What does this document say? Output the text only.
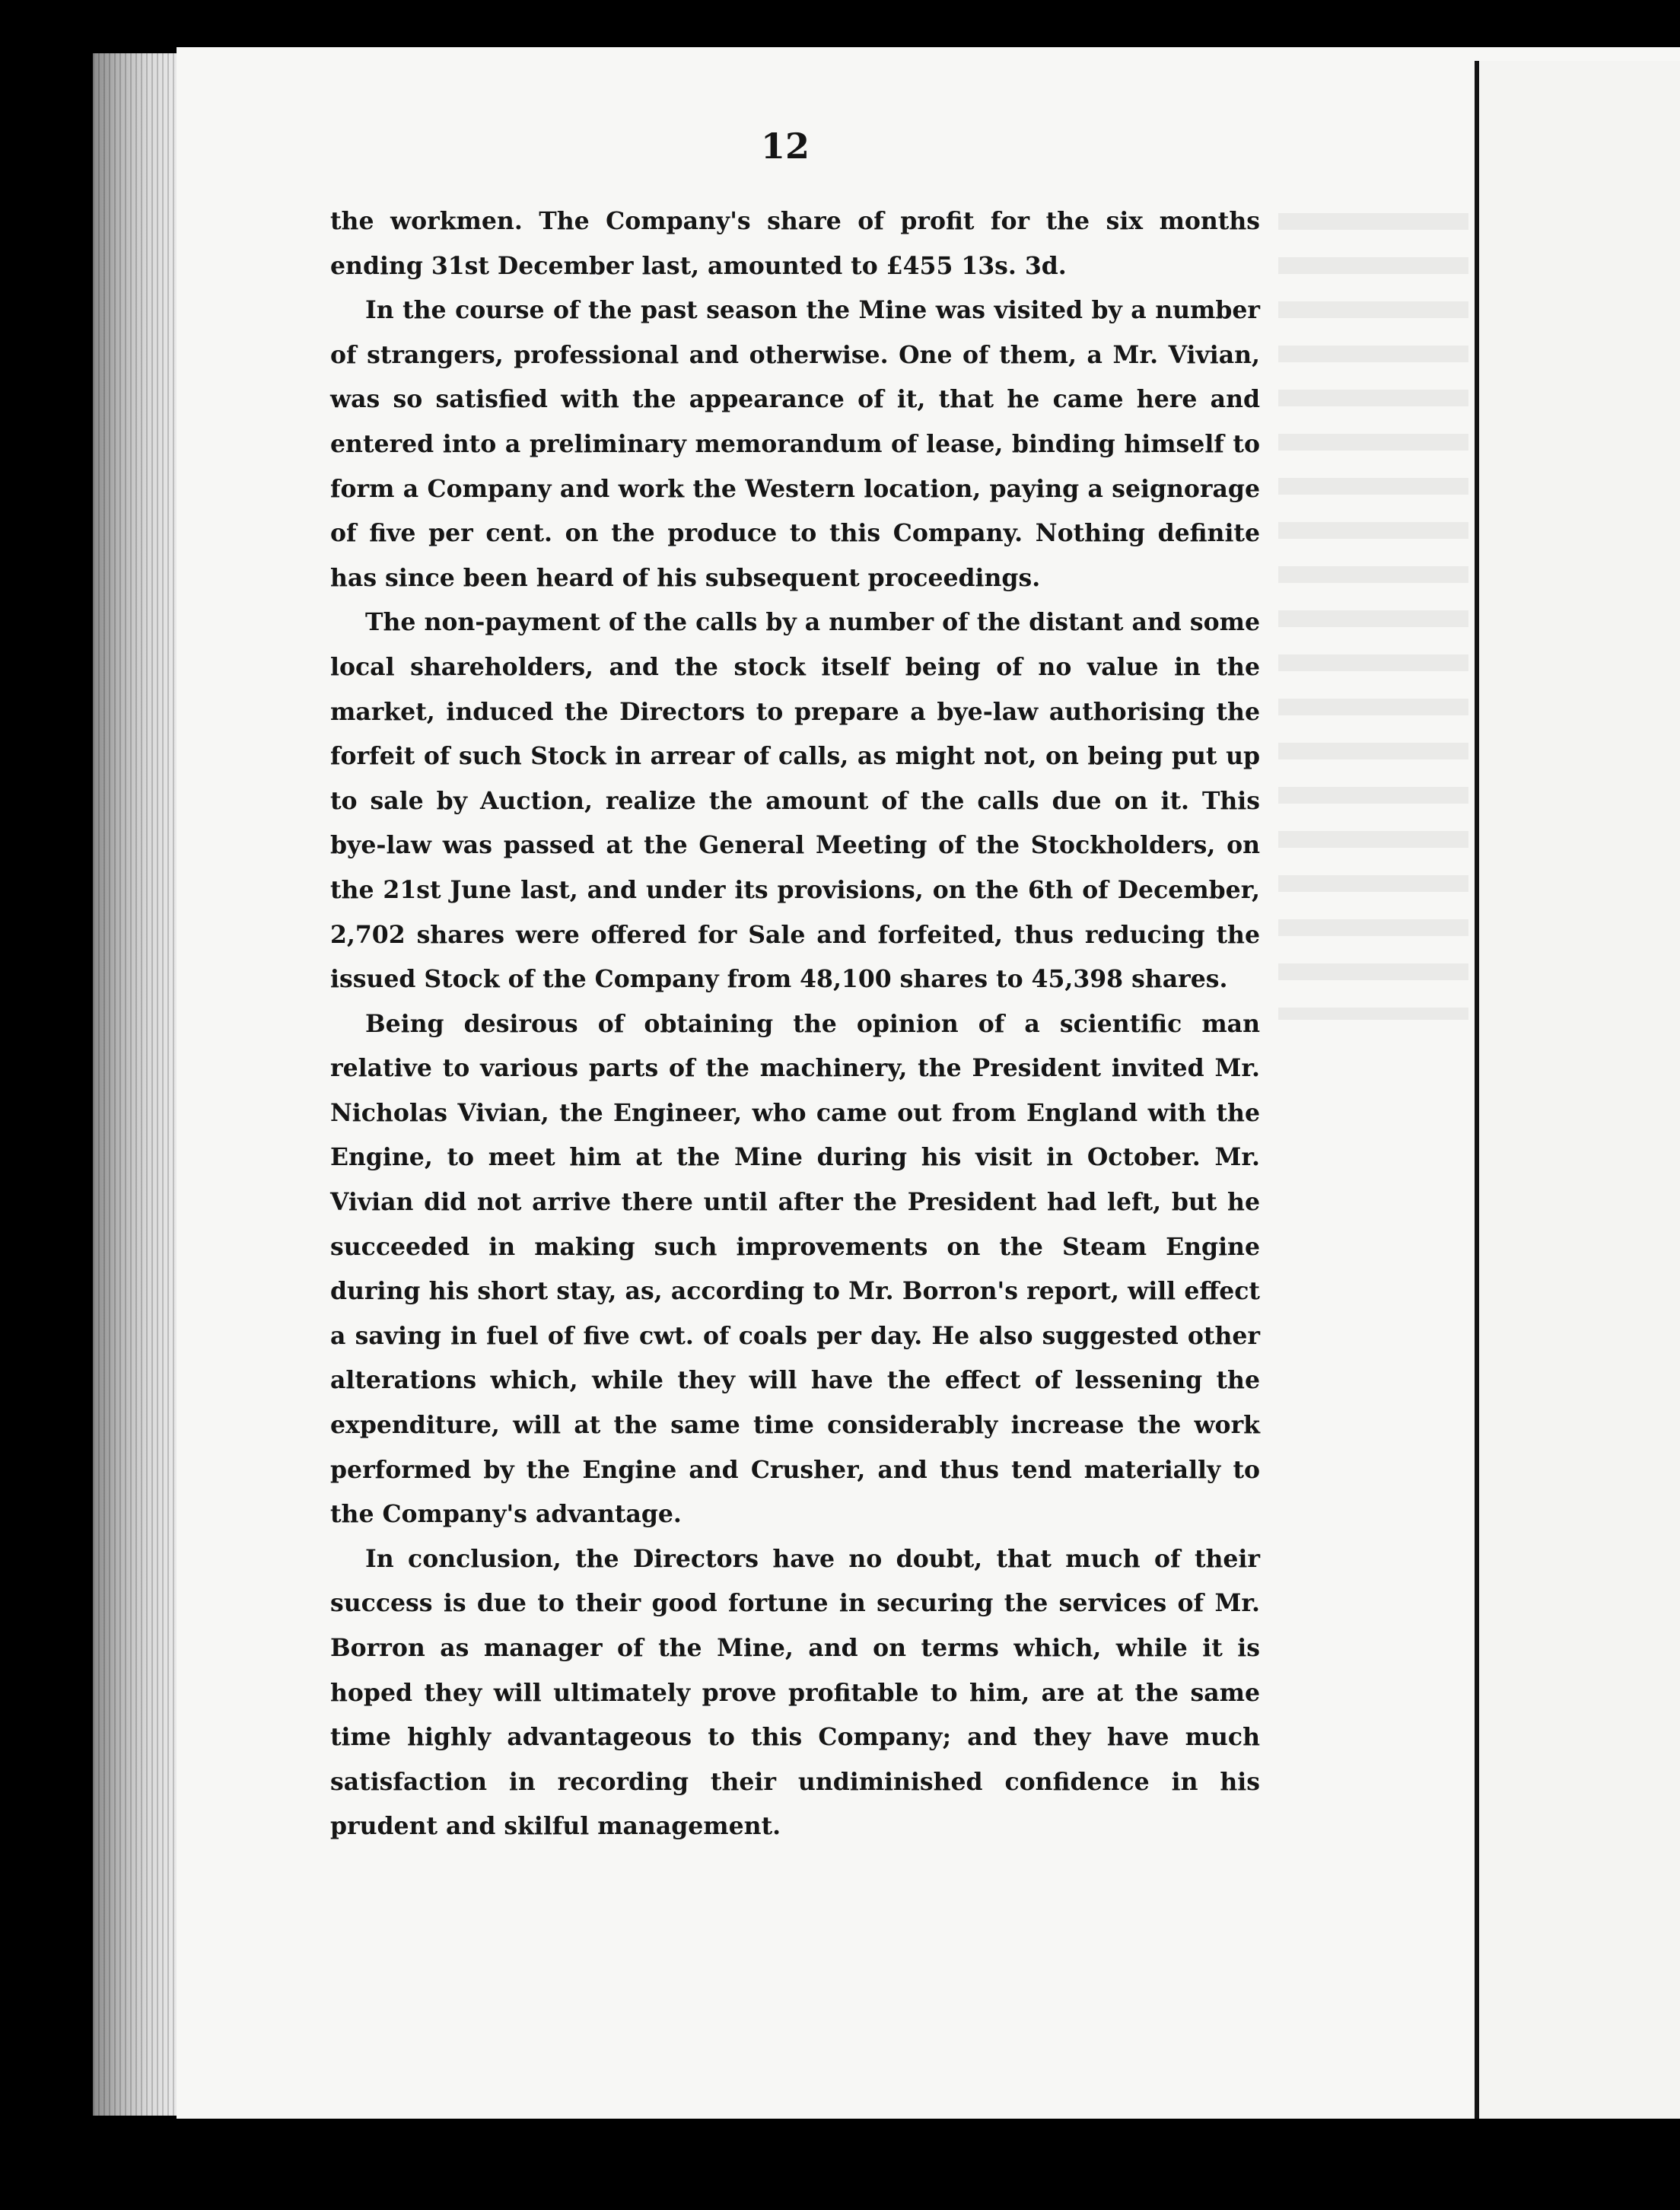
12

the workmen. The Company's share of profit for the six months ending 31st December last, amounted to £455 13s. 3d.

In the course of the past season the Mine was visited by a number of strangers, professional and otherwise. One of them, a Mr. Vivian, was so satisfied with the appearance of it, that he came here and entered into a preliminary memorandum of lease, binding himself to form a Company and work the Western location, paying a seignorage of five per cent. on the produce to this Company. Nothing definite has since been heard of his subsequent proceedings.

The non-payment of the calls by a number of the distant and some local shareholders, and the stock itself being of no value in the market, induced the Directors to prepare a bye-law authorising the forfeit of such Stock in arrear of calls, as might not, on being put up to sale by Auction, realize the amount of the calls due on it. This bye-law was passed at the General Meeting of the Stockholders, on the 21st June last, and under its provisions, on the 6th of December, 2,702 shares were offered for Sale and forfeited, thus reducing the issued Stock of the Company from 48,100 shares to 45,398 shares.

Being desirous of obtaining the opinion of a scientific man relative to various parts of the machinery, the President invited Mr. Nicholas Vivian, the Engineer, who came out from England with the Engine, to meet him at the Mine during his visit in October. Mr. Vivian did not arrive there until after the President had left, but he succeeded in making such improvements on the Steam Engine during his short stay, as, according to Mr. Borron's report, will effect a saving in fuel of five cwt. of coals per day. He also suggested other alterations which, while they will have the effect of lessening the expenditure, will at the same time considerably increase the work performed by the Engine and Crusher, and thus tend materially to the Company's advantage.

In conclusion, the Directors have no doubt, that much of their success is due to their good fortune in securing the services of Mr. Borron as manager of the Mine, and on terms which, while it is hoped they will ultimately prove profitable to him, are at the same time highly advantageous to this Company; and they have much satisfaction in recording their undiminished confidence in his prudent and skilful management.
